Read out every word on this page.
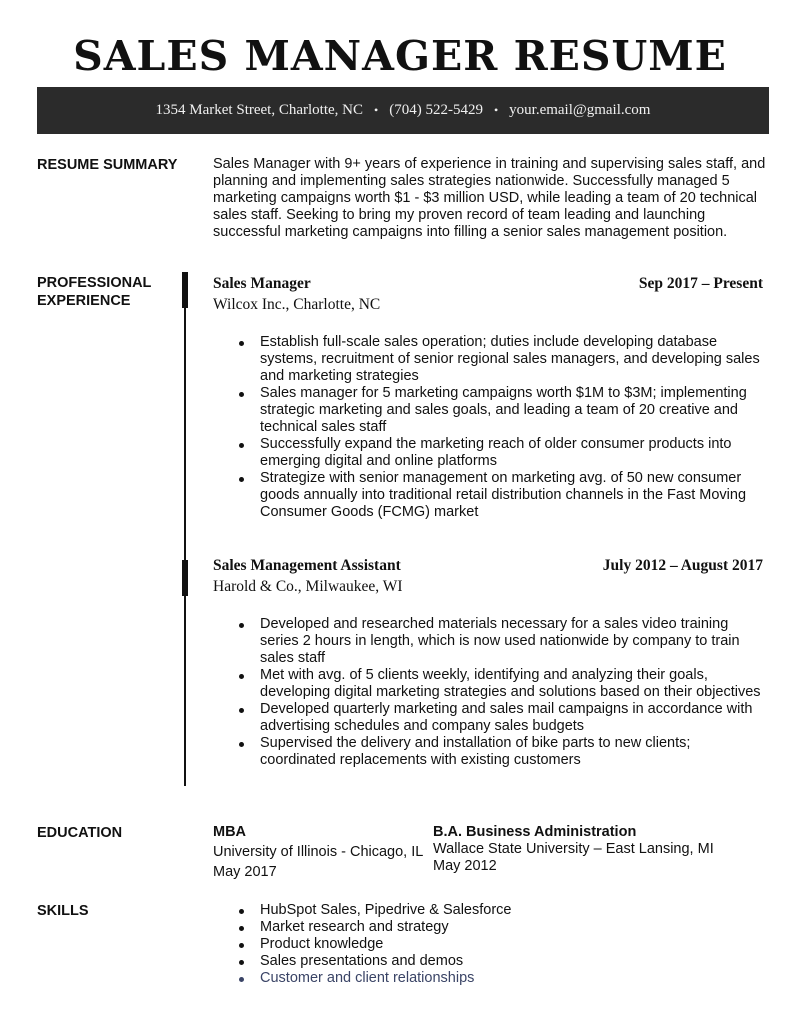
SALES MANAGER RESUME
1354 Market Street, Charlotte, NC • (704) 522-5429 • your.email@gmail.com
RESUME SUMMARY Sales Manager with 9+ years of experience in training and supervising sales staff, and planning and implementing sales strategies nationwide. Successfully managed 5 marketing campaigns worth $1 - $3 million USD, while leading a team of 20 technical sales staff. Seeking to bring my proven record of team leading and launching successful marketing campaigns into filling a senior sales management position.
PROFESSIONAL
EXPERIENCE
Sales Manager	Sep 2017 – Present
Wilcox Inc., Charlotte, NC
Establish full-scale sales operation; duties include developing database systems, recruitment of senior regional sales managers, and developing sales and marketing strategies
Sales manager for 5 marketing campaigns worth $1M to $3M; implementing strategic marketing and sales goals, and leading a team of 20 creative and technical sales staff
Successfully expand the marketing reach of older consumer products into emerging digital and online platforms
Strategize with senior management on marketing avg. of 50 new consumer goods annually into traditional retail distribution channels in the Fast Moving Consumer Goods (FCMG) market
Sales Management Assistant	July 2012 – August 2017
Harold & Co., Milwaukee, WI
Developed and researched materials necessary for a sales video training series 2 hours in length, which is now used nationwide by company to train sales staff
Met with avg. of 5 clients weekly, identifying and analyzing their goals, developing digital marketing strategies and solutions based on their objectives
Developed quarterly marketing and sales mail campaigns in accordance with advertising schedules and company sales budgets
Supervised the delivery and installation of bike parts to new clients; coordinated replacements with existing customers
EDUCATION	MBA
University of Illinois - Chicago, IL
May 2017
B.A. Business Administration
Wallace State University – East Lansing, MI
May 2012
SKILLS	HubSpot Sales, Pipedrive & Salesforce
Market research and strategy
Product knowledge
Sales presentations and demos
Customer and client relationships
